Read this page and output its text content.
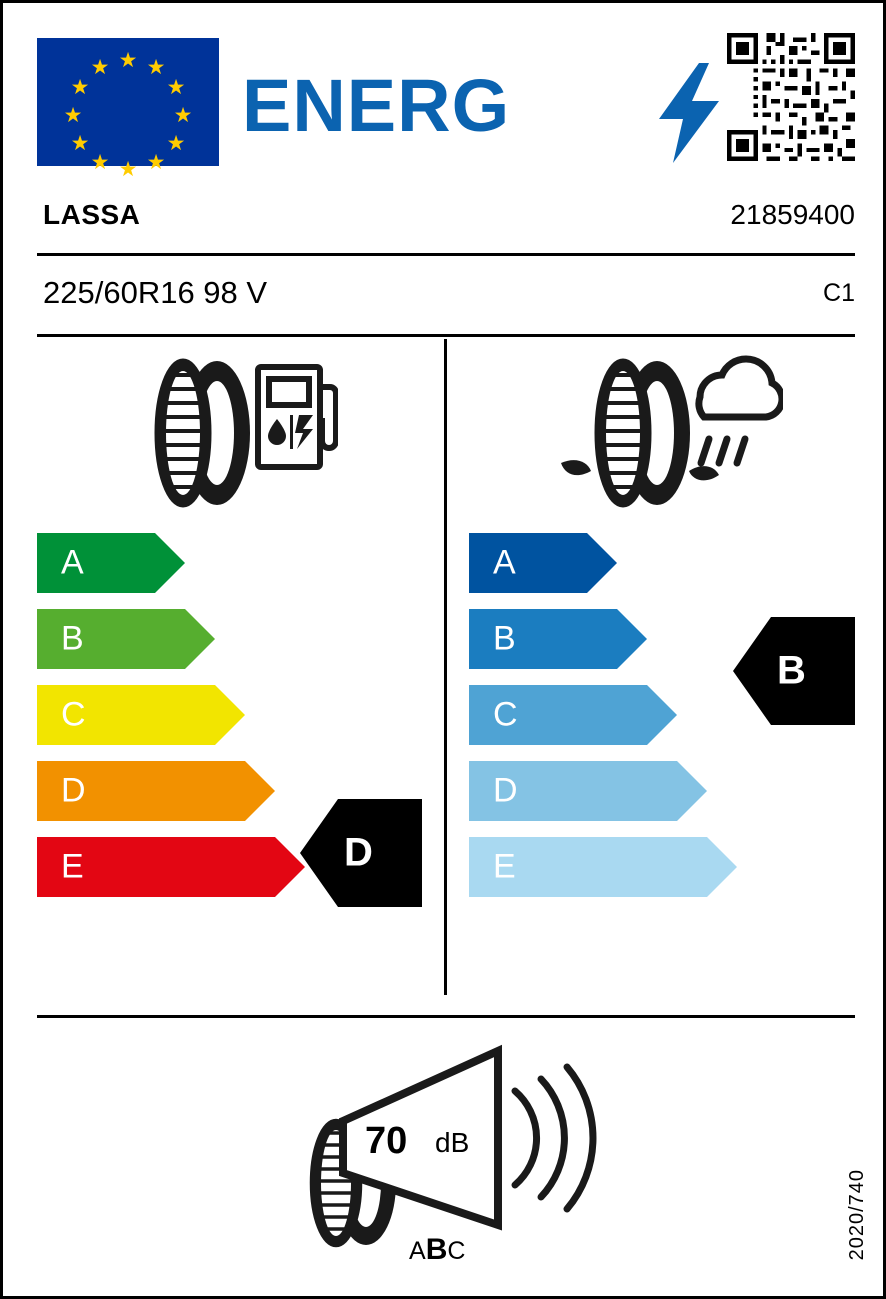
★ ★
★
★
★
★
★
★
★
★
★
★ ENERG
LASSA	21859400
225/60R16 98 V	C1
A
B
C
D
E	D
A
B
C
D
E
B
70 dB
ABC	2020/740
